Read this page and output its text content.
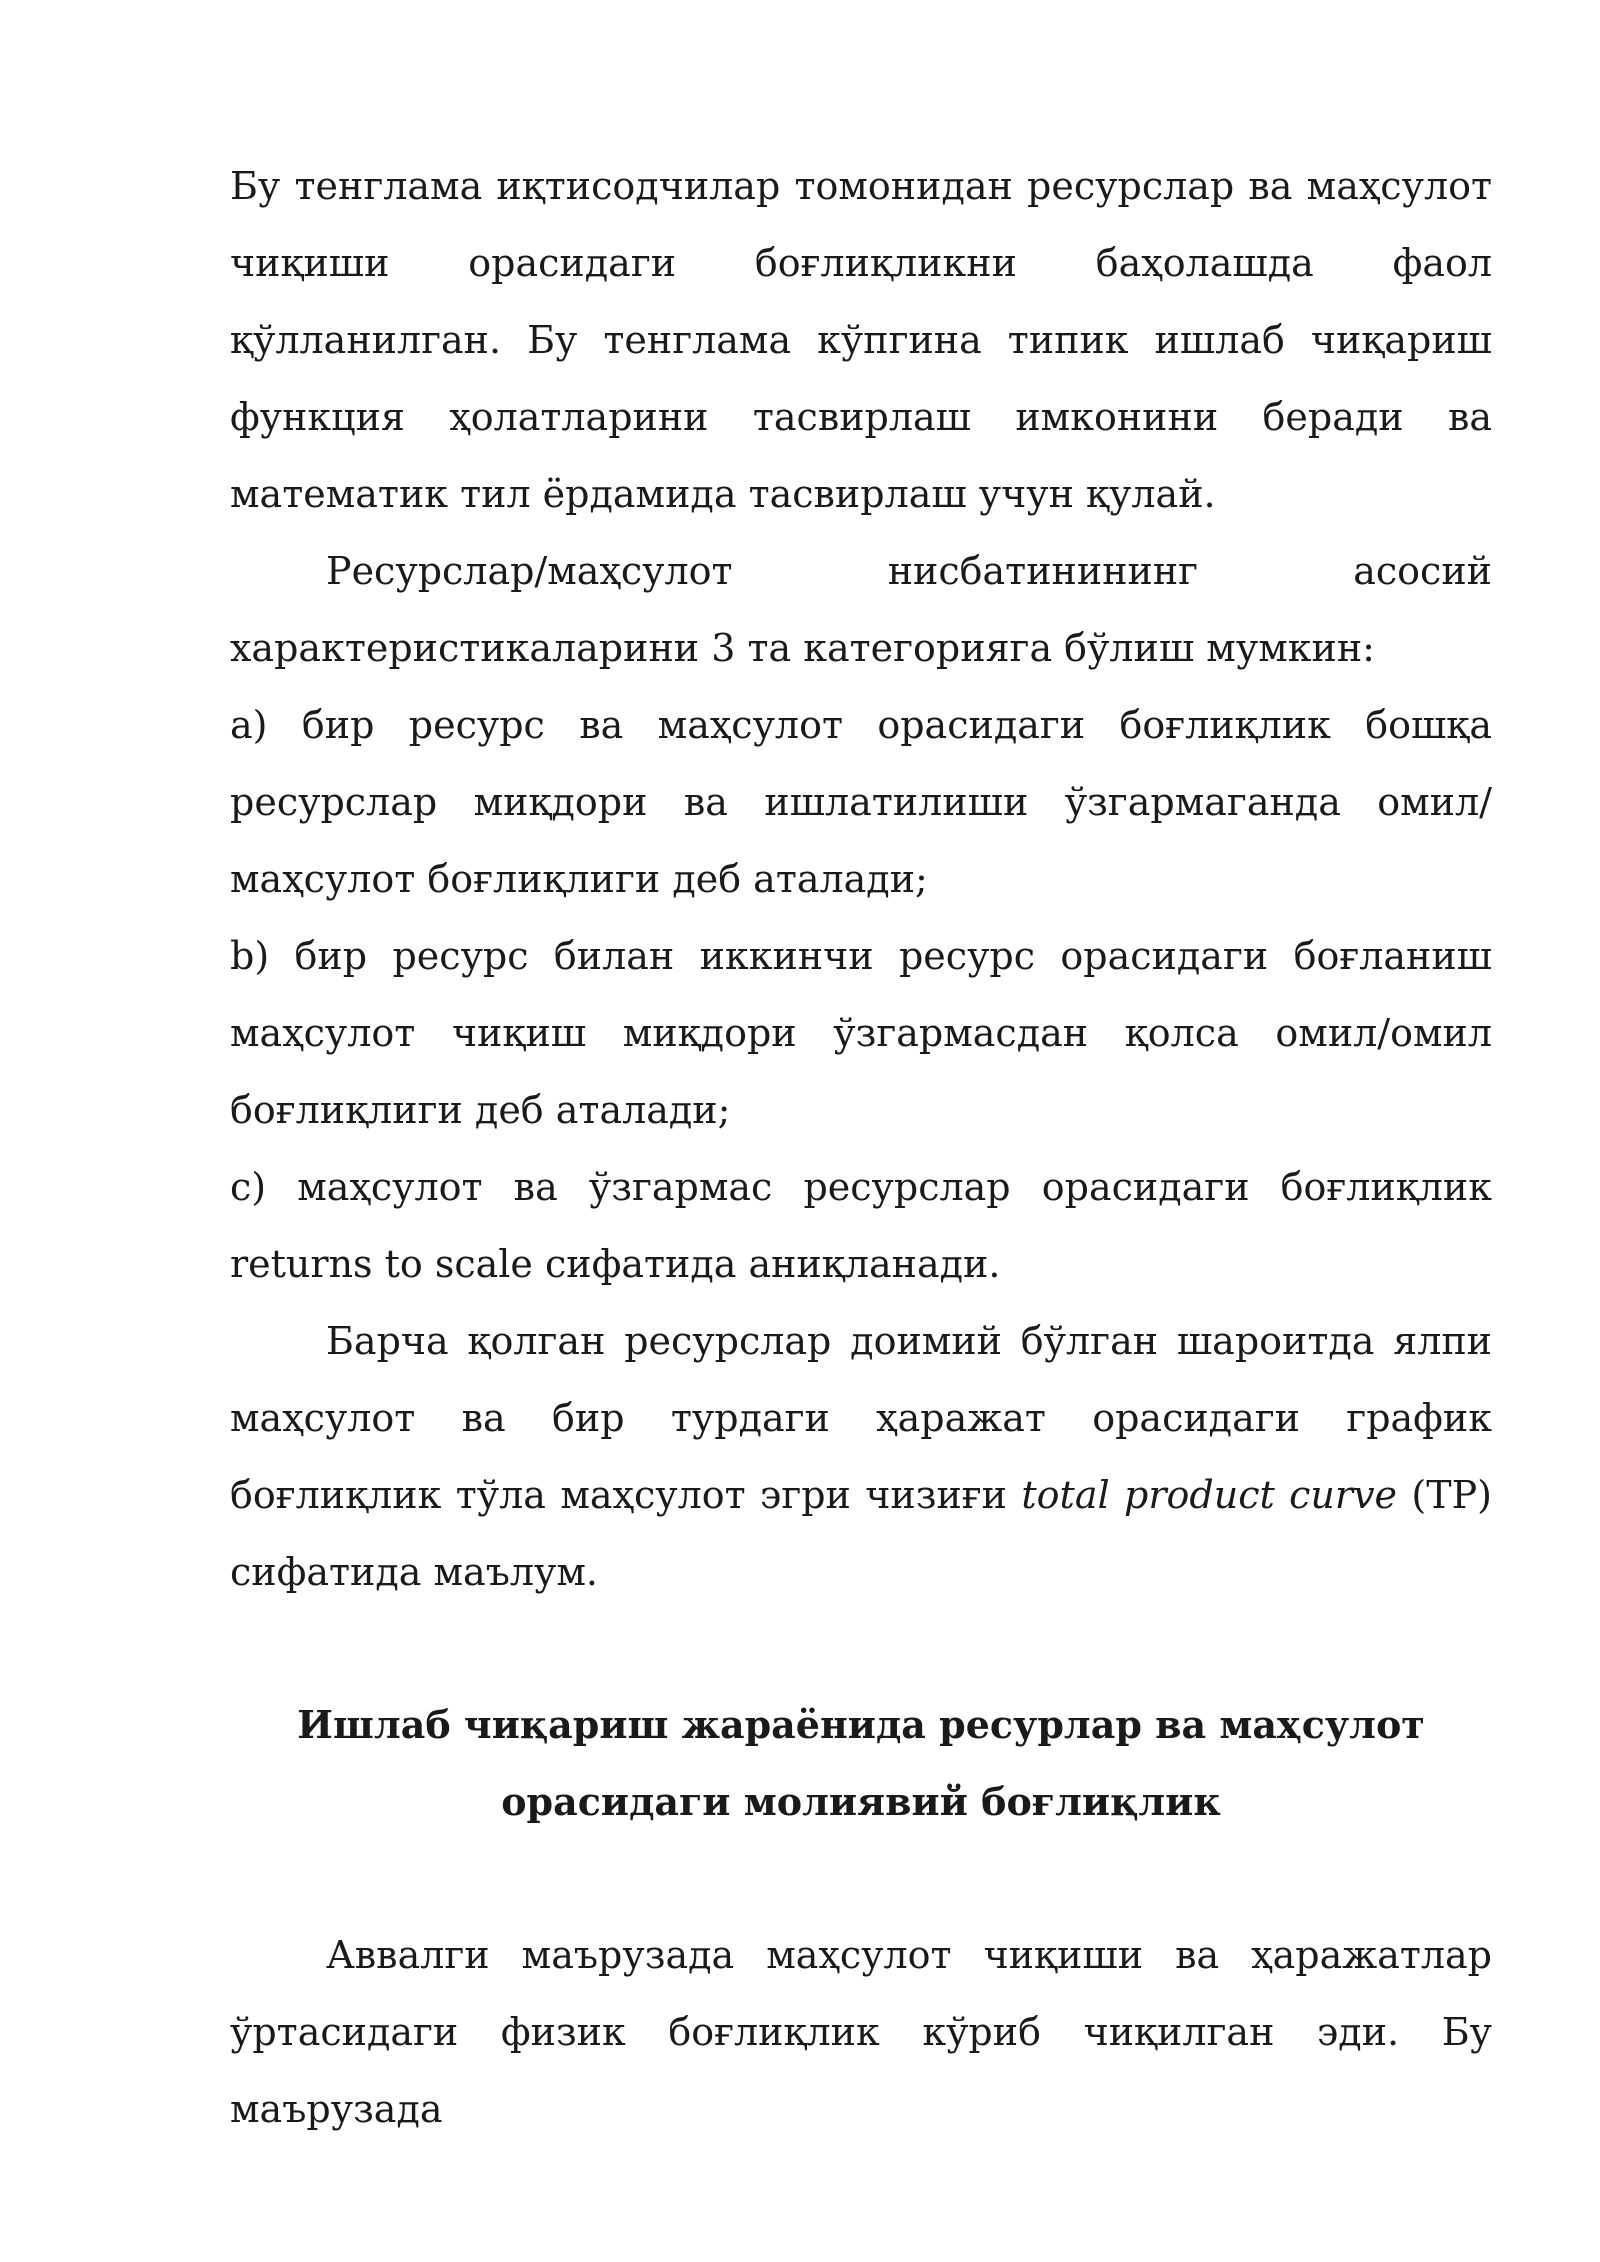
Бу тенглама иқтисодчилар томонидан ресурслар ва маҳсулот чиқиши орасидаги боғлиқликни баҳолашда фаол қўлланилган. Бу тенглама кўпгина типик ишлаб чиқариш функция ҳолатларини тасвирлаш имконини беради ва математик тил ёрдамида тасвирлаш учун қулай.

Ресурслар/маҳсулот нисбатинининг асосий характеристикаларини 3 та категорияга бўлиш мумкин:

а) бир ресурс ва маҳсулот орасидаги боғлиқлик бошқа ресурслар миқдори ва ишлатилиши ўзгармаганда омил/маҳсулот боғлиқлиги деб аталади;

b) бир ресурс билан иккинчи ресурс орасидаги боғланиш маҳсулот чиқиш миқдори ўзгармасдан қолса омил/омил боғлиқлиги деб аталади;

c) маҳсулот ва ўзгармас ресурслар орасидаги боғлиқлик returns to scale сифатида аниқланади.

Барча қолган ресурслар доимий бўлган шароитда ялпи маҳсулот ва бир турдаги ҳаражат орасидаги график боғлиқлик тўла маҳсулот эгри чизиғи total product curve (TP) сифатида маълум.

Ишлаб чиқариш жараёнида ресурлар ва маҳсулот орасидаги молиявий боғлиқлик

Аввалги маърузада маҳсулот чиқиши ва ҳаражатлар ўртасидаги физик боғлиқлик кўриб чиқилган эди. Бу маърузада
